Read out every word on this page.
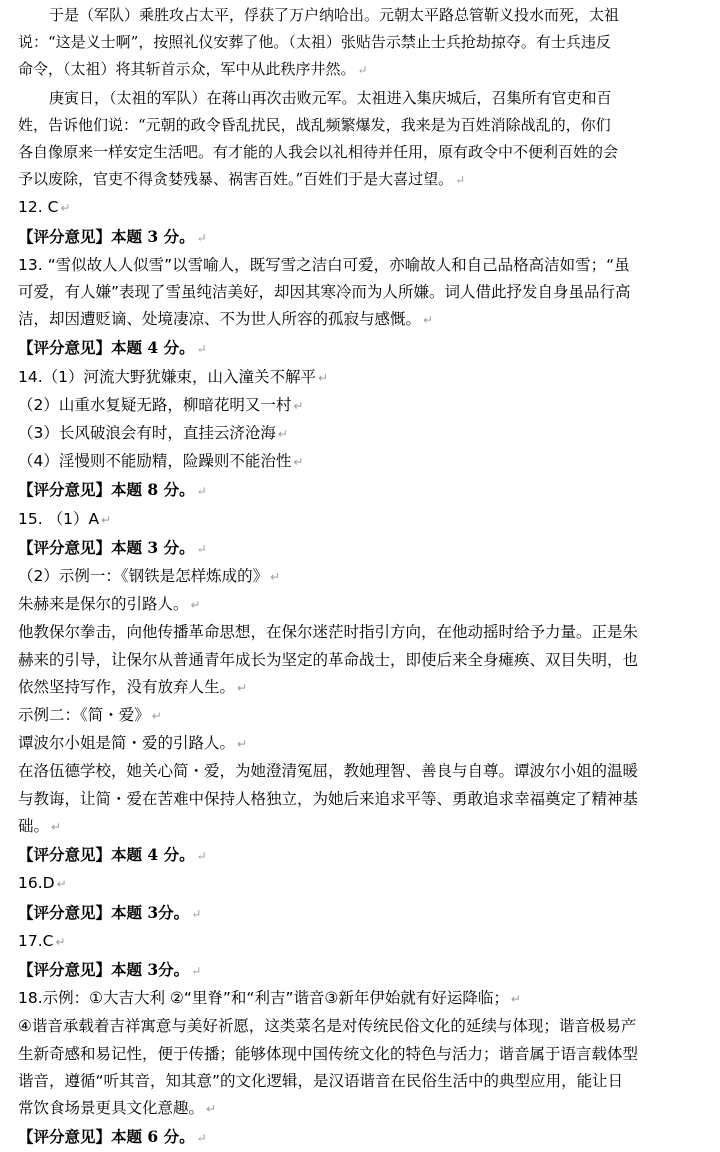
于是（军队）乘胜攻占太平，俘获了万户纳哈出。元朝太平路总管靳义投水而死，太祖

说：“这是义士啊”，按照礼仪安葬了他。（太祖）张贴告示禁止士兵抢劫掠夺。有士兵违反

命令，（太祖）将其斩首示众，军中从此秩序井然。 ↵

庚寅日，（太祖的军队）在蒋山再次击败元军。太祖进入集庆城后，召集所有官吏和百

姓，告诉他们说：“元朝的政令昏乱扰民，战乱频繁爆发，我来是为百姓消除战乱的，你们

各自像原来一样安定生活吧。有才能的人我会以礼相待并任用，原有政令中不便利百姓的会

予以废除，官吏不得贪婪残暴、祸害百姓。”百姓们于是大喜过望。 ↵

12. C ↵

【评分意见】本题 3 分。 ↵

13. “雪似故人人似雪”以雪喻人，既写雪之洁白可爱，亦喻故人和自己品格高洁如雪；“虽

可爱，有人嫌”表现了雪虽纯洁美好，却因其寒冷而为人所嫌。词人借此抒发自身虽品行高

洁，却因遭贬谪、处境凄凉、不为世人所容的孤寂与感慨。 ↵

【评分意见】本题 4 分。 ↵

14.（1）河流大野犹嫌束，山入潼关不解平 ↵

（2）山重水复疑无路，柳暗花明又一村 ↵

（3）长风破浪会有时，直挂云济沧海 ↵

（4）淫慢则不能励精，险躁则不能治性 ↵

【评分意见】本题 8 分。 ↵

15. （1）A ↵

【评分意见】本题 3 分。 ↵

（2）示例一：《钢铁是怎样炼成的》 ↵

朱赫来是保尔的引路人。 ↵

他教保尔拳击，向他传播革命思想，在保尔迷茫时指引方向，在他动摇时给予力量。正是朱

赫来的引导，让保尔从普通青年成长为坚定的革命战士，即使后来全身瘫痪、双目失明，也

依然坚持写作，没有放弃人生。 ↵

示例二：《简・爱》 ↵

谭波尔小姐是简・爱的引路人。 ↵

在洛伍德学校，她关心简・爱，为她澄清冤屈，教她理智、善良与自尊。谭波尔小姐的温暖

与教诲，让简・爱在苦难中保持人格独立，为她后来追求平等、勇敢追求幸福奠定了精神基

础。 ↵

【评分意见】本题 4 分。 ↵

16.D ↵

【评分意见】本题 3分。 ↵

17.C ↵

【评分意见】本题 3分。 ↵

18.示例：①大吉大利 ②“里脊”和“利吉”谐音③新年伊始就有好运降临； ↵

④谐音承载着吉祥寓意与美好祈愿，这类菜名是对传统民俗文化的延续与体现；谐音极易产

生新奇感和易记性，便于传播；能够体现中国传统文化的特色与活力；谐音属于语言载体型

谐音，遵循“听其音，知其意”的文化逻辑，是汉语谐音在民俗生活中的典型应用，能让日

常饮食场景更具文化意趣。 ↵

【评分意见】本题 6 分。 ↵
